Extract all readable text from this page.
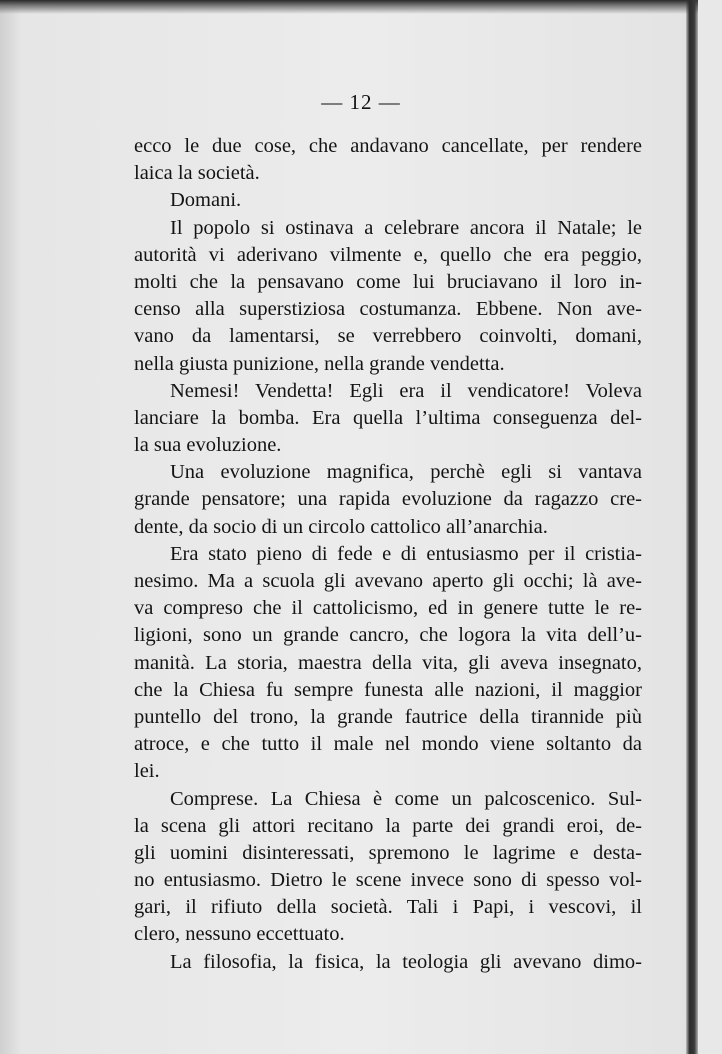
— 12 —
ecco le due cose, che andavano cancellate, per rendere
laica la società.
Domani.
Il popolo si ostinava a celebrare ancora il Natale; le
autorità vi aderivano vilmente e, quello che era peggio,
molti che la pensavano come lui bruciavano il loro in-
censo alla superstiziosa costumanza. Ebbene. Non ave-
vano da lamentarsi, se verrebbero coinvolti, domani,
nella giusta punizione, nella grande vendetta.
Nemesi! Vendetta! Egli era il vendicatore! Voleva
lanciare la bomba. Era quella l’ultima conseguenza del-
la sua evoluzione.
Una evoluzione magnifica, perchè egli si vantava
grande pensatore; una rapida evoluzione da ragazzo cre-
dente, da socio di un circolo cattolico all’anarchia.
Era stato pieno di fede e di entusiasmo per il cristia-
nesimo. Ma a scuola gli avevano aperto gli occhi; là ave-
va compreso che il cattolicismo, ed in genere tutte le re-
ligioni, sono un grande cancro, che logora la vita dell’u-
manità. La storia, maestra della vita, gli aveva insegnato,
che la Chiesa fu sempre funesta alle nazioni, il maggior
puntello del trono, la grande fautrice della tirannide più
atroce, e che tutto il male nel mondo viene soltanto da
lei.
Comprese. La Chiesa è come un palcoscenico. Sul-
la scena gli attori recitano la parte dei grandi eroi, de-
gli uomini disinteressati, spremono le lagrime e desta-
no entusiasmo. Dietro le scene invece sono di spesso vol-
gari, il rifiuto della società. Tali i Papi, i vescovi, il
clero, nessuno eccettuato.
La filosofia, la fisica, la teologia gli avevano dimo-
